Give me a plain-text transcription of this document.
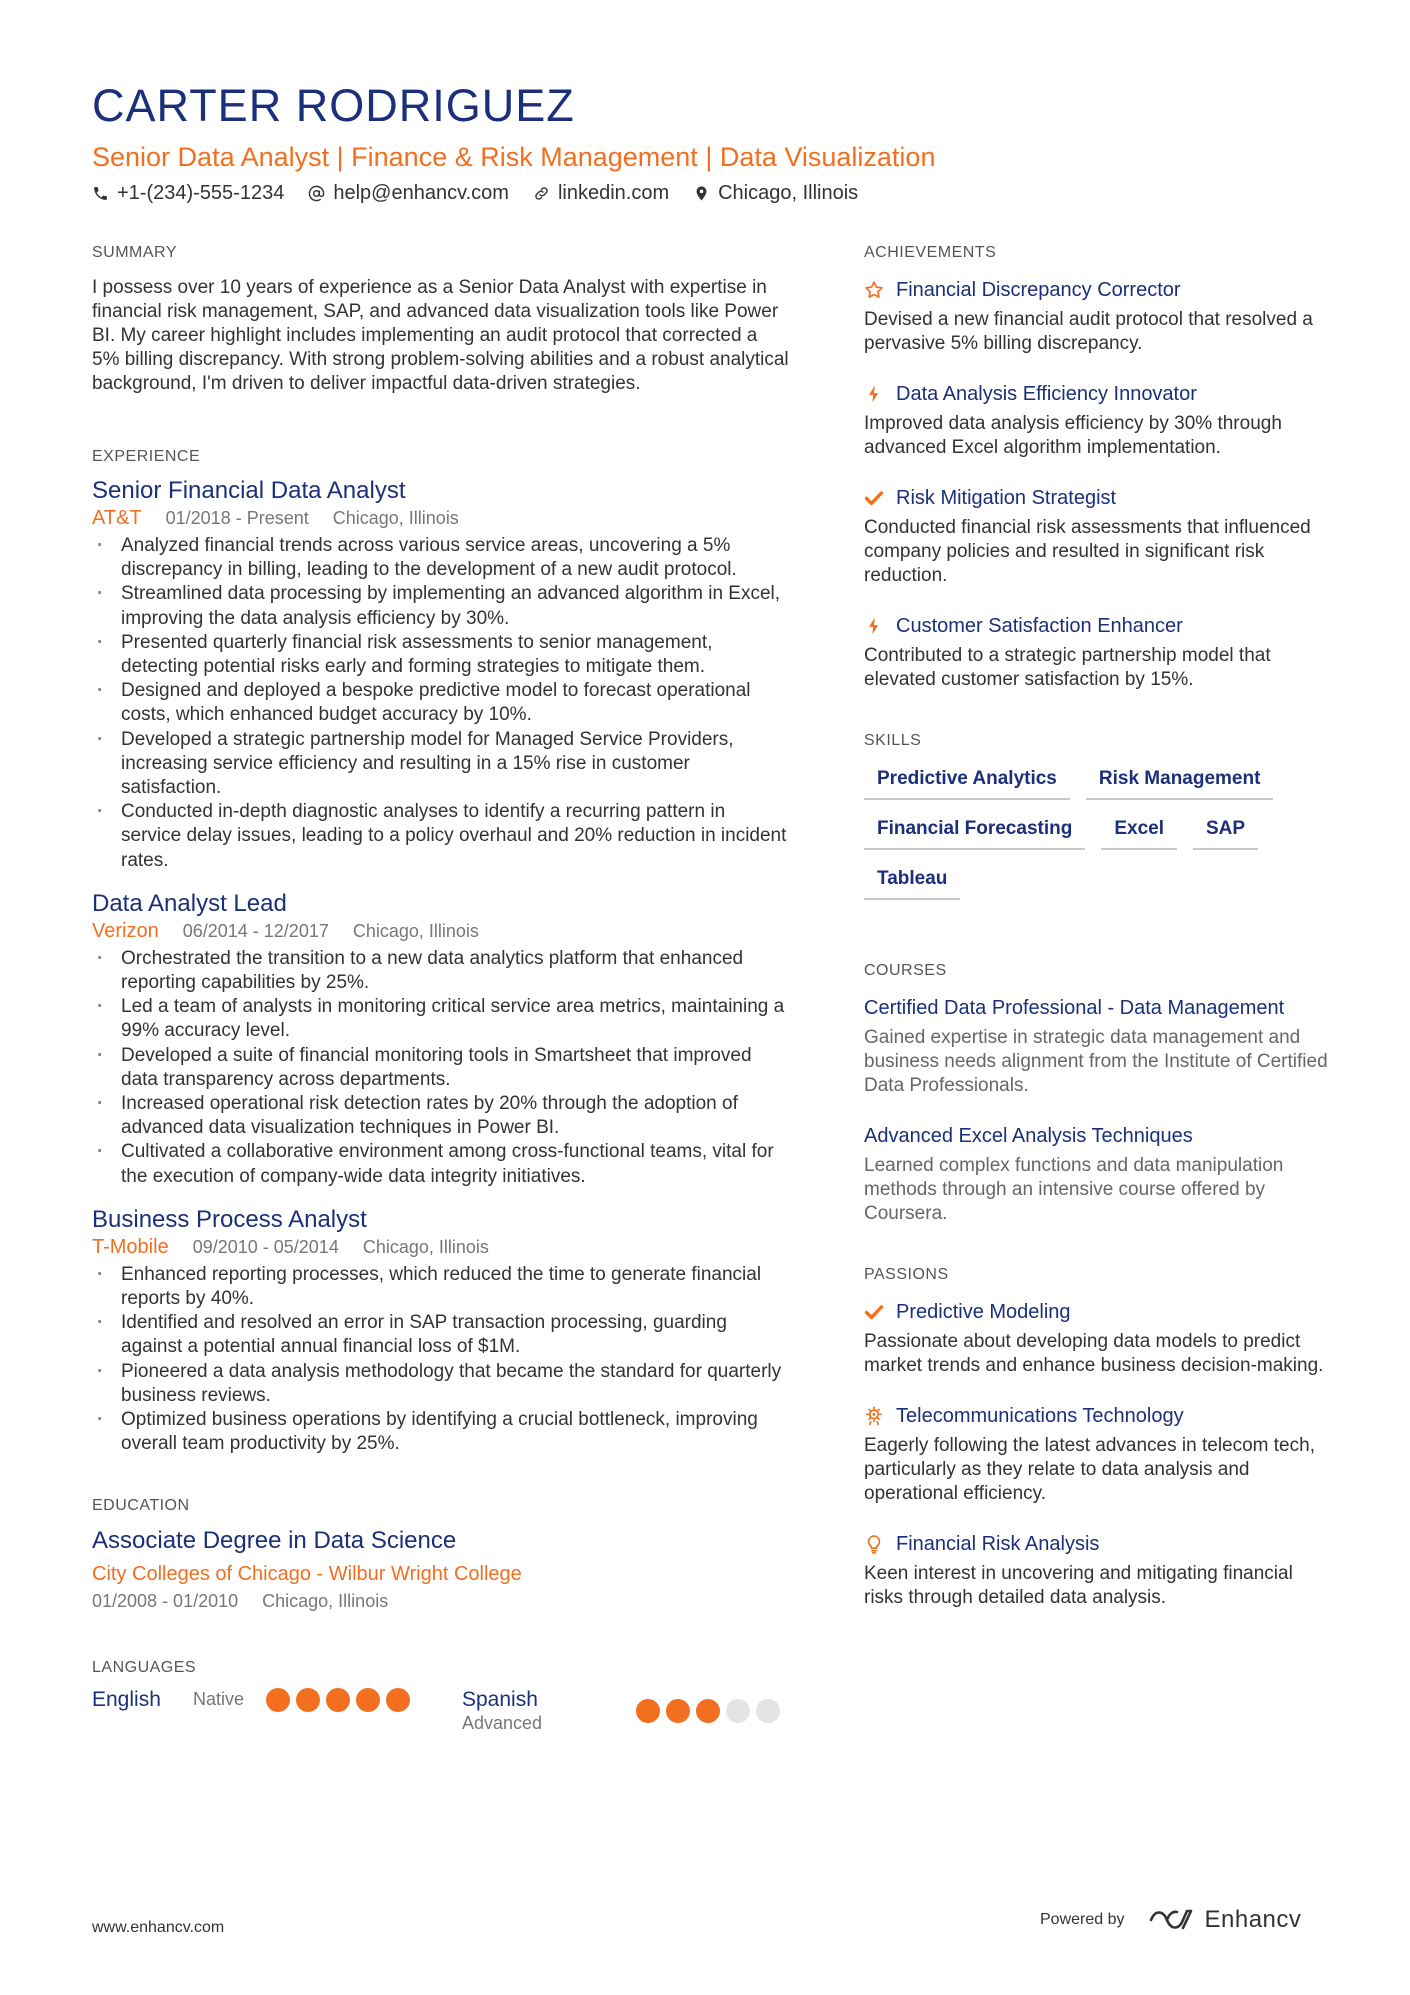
CARTER RODRIGUEZ
Senior Data Analyst | Finance & Risk Management | Data Visualization
+1-(234)-555-1234 help@enhancv.com linkedin.com Chicago, Illinois
SUMMARY
I possess over 10 years of experience as a Senior Data Analyst with expertise in financial risk management, SAP, and advanced data visualization tools like Power BI. My career highlight includes implementing an audit protocol that corrected a 5% billing discrepancy. With strong problem-solving abilities and a robust analytical background, I'm driven to deliver impactful data-driven strategies.
EXPERIENCE
Senior Financial Data Analyst
AT&T 01/2018 - Present Chicago, Illinois
· Analyzed financial trends across various service areas, uncovering a 5% discrepancy in billing, leading to the development of a new audit protocol.
· Streamlined data processing by implementing an advanced algorithm in Excel, improving the data analysis efficiency by 30%.
· Presented quarterly financial risk assessments to senior management, detecting potential risks early and forming strategies to mitigate them.
· Designed and deployed a bespoke predictive model to forecast operational costs, which enhanced budget accuracy by 10%.
· Developed a strategic partnership model for Managed Service Providers, increasing service efficiency and resulting in a 15% rise in customer satisfaction.
· Conducted in-depth diagnostic analyses to identify a recurring pattern in service delay issues, leading to a policy overhaul and 20% reduction in incident rates.
Data Analyst Lead
Verizon 06/2014 - 12/2017 Chicago, Illinois
· Orchestrated the transition to a new data analytics platform that enhanced reporting capabilities by 25%.
· Led a team of analysts in monitoring critical service area metrics, maintaining a 99% accuracy level.
· Developed a suite of financial monitoring tools in Smartsheet that improved data transparency across departments.
· Increased operational risk detection rates by 20% through the adoption of advanced data visualization techniques in Power BI.
· Cultivated a collaborative environment among cross-functional teams, vital for the execution of company-wide data integrity initiatives.
Business Process Analyst
T-Mobile 09/2010 - 05/2014 Chicago, Illinois
· Enhanced reporting processes, which reduced the time to generate financial reports by 40%.
· Identified and resolved an error in SAP transaction processing, guarding against a potential annual financial loss of $1M.
· Pioneered a data analysis methodology that became the standard for quarterly business reviews.
· Optimized business operations by identifying a crucial bottleneck, improving overall team productivity by 25%.
EDUCATION
Associate Degree in Data Science
City Colleges of Chicago - Wilbur Wright College
01/2008 - 01/2010 Chicago, Illinois
LANGUAGES
English	Native	Spanish
Advanced
ACHIEVEMENTS
Financial Discrepancy Corrector
Devised a new financial audit protocol that resolved a pervasive 5% billing discrepancy.
Data Analysis Efficiency Innovator
Improved data analysis efficiency by 30% through advanced Excel algorithm implementation.
Risk Mitigation Strategist
Conducted financial risk assessments that influenced company policies and resulted in significant risk reduction.
Customer Satisfaction Enhancer
Contributed to a strategic partnership model that elevated customer satisfaction by 15%.
SKILLS
Predictive Analytics	Risk Management
Financial Forecasting	Excel	SAP
Tableau
COURSES
Certified Data Professional - Data Management
Gained expertise in strategic data management and business needs alignment from the Institute of Certified Data Professionals.
Advanced Excel Analysis Techniques
Learned complex functions and data manipulation methods through an intensive course offered by Coursera.
PASSIONS
Predictive Modeling
Passionate about developing data models to predict market trends and enhance business decision-making.
Telecommunications Technology
Eagerly following the latest advances in telecom tech, particularly as they relate to data analysis and operational efficiency.
Financial Risk Analysis
Keen interest in uncovering and mitigating financial risks through detailed data analysis.
www.enhancv.com	Powered by	Enhancv
